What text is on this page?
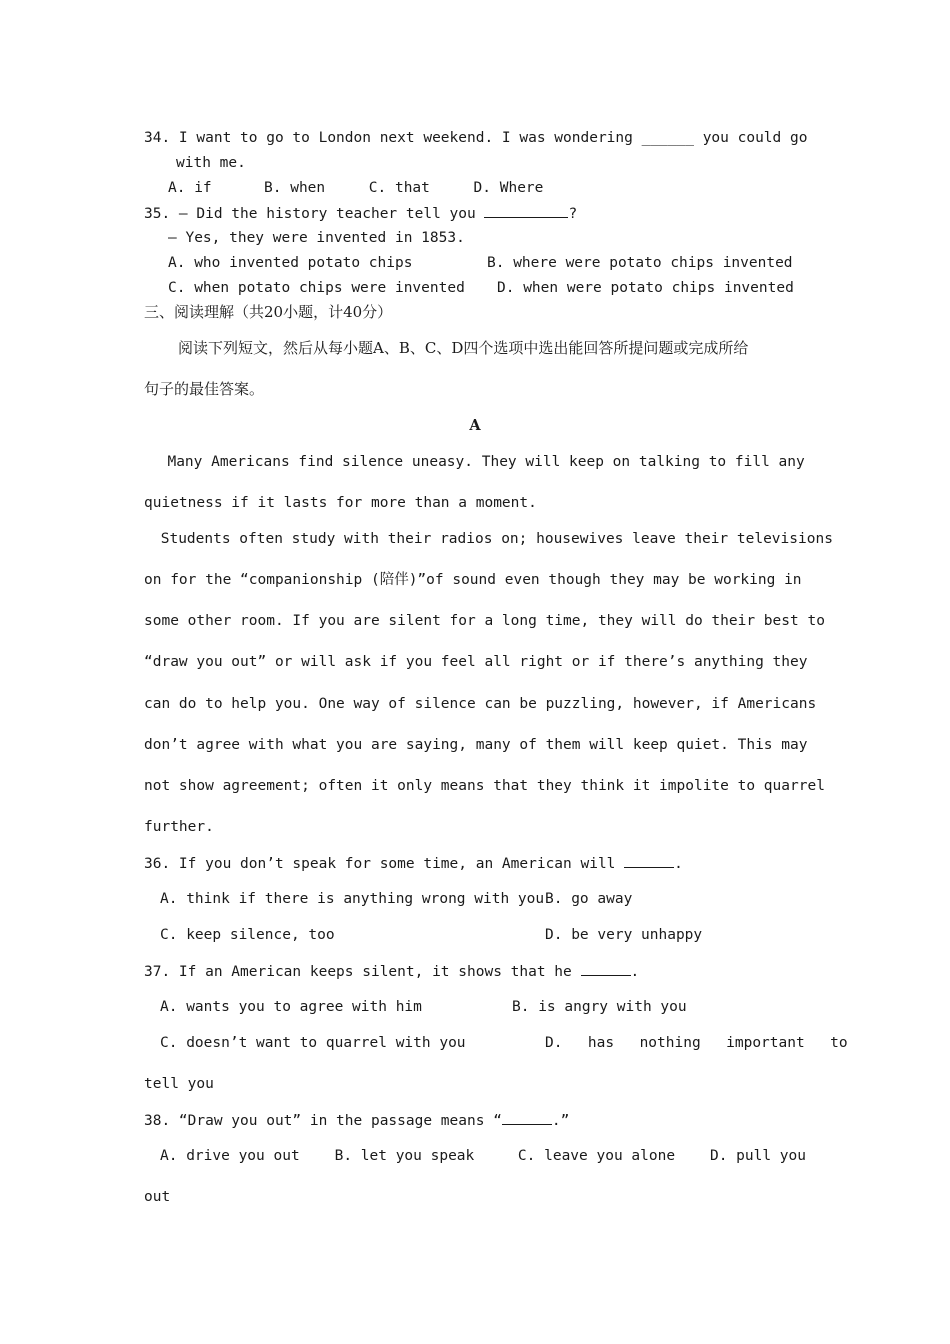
34. I want to go to London next weekend. I was wondering ______ you could go
with me.
A. if      B. when     C. that     D. Where
35. — Did the history teacher tell you	?
— Yes, they were invented in 1853.
A. who invented potato chips	B. where were potato chips invented
C. when potato chips were invented D. when were potato chips invented
三、阅读理解（共20小题，计40分）
阅读下列短文，然后从每小题A、B、C、D四个选项中选出能回答所提问题或完成所给
句子的最佳答案。
A
Many Americans find silence uneasy. They will keep on talking to fill any
quietness if it lasts for more than a moment.
Students often study with their radios on; housewives leave their televisions
on for the “companionship (陪伴)”of sound even though they may be working in
some other room. If you are silent for a long time, they will do their best to
“draw you out” or will ask if you feel all right or if there’s anything they
can do to help you. One way of silence can be puzzling, however, if Americans
don’t agree with what you are saying, many of them will keep quiet. This may
not show agreement; often it only means that they think it impolite to quarrel
further.
36. If you don’t speak for some time, an American will	.
A. think if there is anything wrong with you B. go away
C. keep silence, too	D. be very unhappy
37. If an American keeps silent, it shows that he	.
A. wants you to agree with him	B. is angry with you
C. doesn’t want to quarrel with you	D.  has  nothing  important  to
tell you
38. “Draw you out” in the passage means “	.”
A. drive you out    B. let you speak     C. leave you alone    D. pull you
out
